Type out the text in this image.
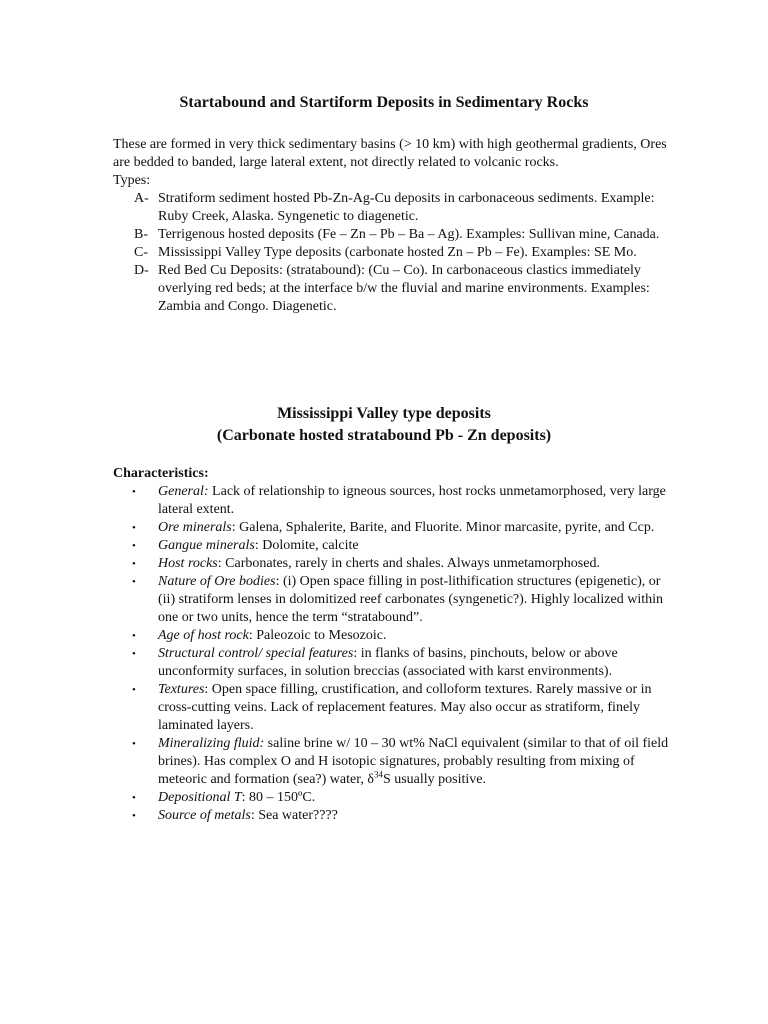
Startabound and Startiform Deposits in Sedimentary Rocks

These are formed in very thick sedimentary basins (> 10 km) with high geothermal gradients, Ores are bedded to banded, large lateral extent, not directly related to volcanic rocks.

Types:

A- Stratiform sediment hosted Pb-Zn-Ag-Cu deposits in carbonaceous sediments. Example: Ruby Creek, Alaska. Syngenetic to diagenetic.
B- Terrigenous hosted deposits (Fe – Zn – Pb – Ba – Ag). Examples: Sullivan mine, Canada.
C- Mississippi Valley Type deposits (carbonate hosted Zn – Pb – Fe). Examples: SE Mo.
D- Red Bed Cu Deposits: (stratabound): (Cu – Co). In carbonaceous clastics immediately overlying red beds; at the interface b/w the fluvial and marine environments. Examples: Zambia and Congo. Diagenetic.
Mississippi Valley type deposits
(Carbonate hosted stratabound Pb - Zn deposits)

Characteristics:

• General: Lack of relationship to igneous sources, host rocks unmetamorphosed, very large lateral extent.
• Ore minerals: Galena, Sphalerite, Barite, and Fluorite. Minor marcasite, pyrite, and Ccp.
• Gangue minerals: Dolomite, calcite
• Host rocks: Carbonates, rarely in cherts and shales. Always unmetamorphosed.
• Nature of Ore bodies: (i) Open space filling in post-lithification structures (epigenetic), or (ii) stratiform lenses in dolomitized reef carbonates (syngenetic?). Highly localized within one or two units, hence the term “stratabound”.
• Age of host rock: Paleozoic to Mesozoic.
• Structural control/ special features: in flanks of basins, pinchouts, below or above unconformity surfaces, in solution breccias (associated with karst environments).
• Textures: Open space filling, crustification, and colloform textures. Rarely massive or in cross-cutting veins. Lack of replacement features. May also occur as stratiform, finely laminated layers.
• Mineralizing fluid: saline brine w/ 10 – 30 wt% NaCl equivalent (similar to that of oil field brines). Has complex O and H isotopic signatures, probably resulting from mixing of meteoric and formation (sea?) water, $\delta^{34}S$ usually positive.
• Depositional T: 80 – 150ºC.
• Source of metals: Sea water????
